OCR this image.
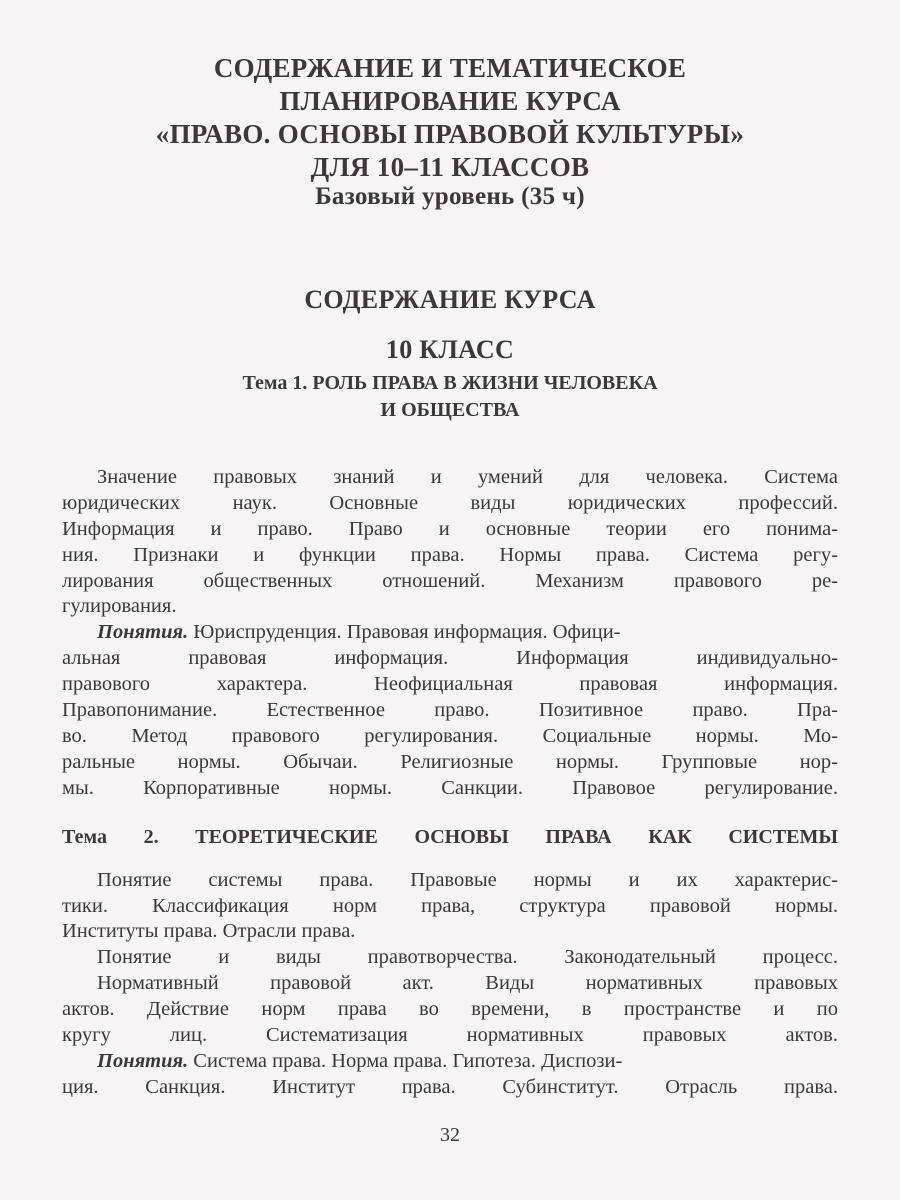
СОДЕРЖАНИЕ И ТЕМАТИЧЕСКОЕ
ПЛАНИРОВАНИЕ КУРСА
«ПРАВО. ОСНОВЫ ПРАВОВОЙ КУЛЬТУРЫ»
ДЛЯ 10–11 КЛАССОВ
Базовый уровень (35 ч)
СОДЕРЖАНИЕ КУРСА
10 КЛАСС
Тема 1. РОЛЬ ПРАВА В ЖИЗНИ ЧЕЛОВЕКА
И ОБЩЕСТВА
Значение правовых знаний и умений для человека. Система
юридических наук. Основные виды юридических профессий.
Информация и право. Право и основные теории его понима-
ния. Признаки и функции права. Нормы права. Система регу-
лирования общественных отношений. Механизм правового ре-
гулирования.
Понятия. Юриспруденция. Правовая информация. Офици-
альная правовая информация. Информация индивидуально-
правового характера. Неофициальная правовая информация.
Правопонимание. Естественное право. Позитивное право. Пра-
во. Метод правового регулирования. Социальные нормы. Мо-
ральные нормы. Обычаи. Религиозные нормы. Групповые нор-
мы. Корпоративные нормы. Санкции. Правовое регулирование.
Тема 2. ТЕОРЕТИЧЕСКИЕ ОСНОВЫ ПРАВА КАК СИСТЕМЫ
Понятие системы права. Правовые нормы и их характерис-
тики. Классификация норм права, структура правовой нормы.
Институты права. Отрасли права.
Понятие и виды правотворчества. Законодательный процесс.
Нормативный правовой акт. Виды нормативных правовых
актов. Действие норм права во времени, в пространстве и по
кругу лиц. Систематизация нормативных правовых актов.
Понятия. Система права. Норма права. Гипотеза. Диспози-
ция. Санкция. Институт права. Субинститут. Отрасль права.
32
